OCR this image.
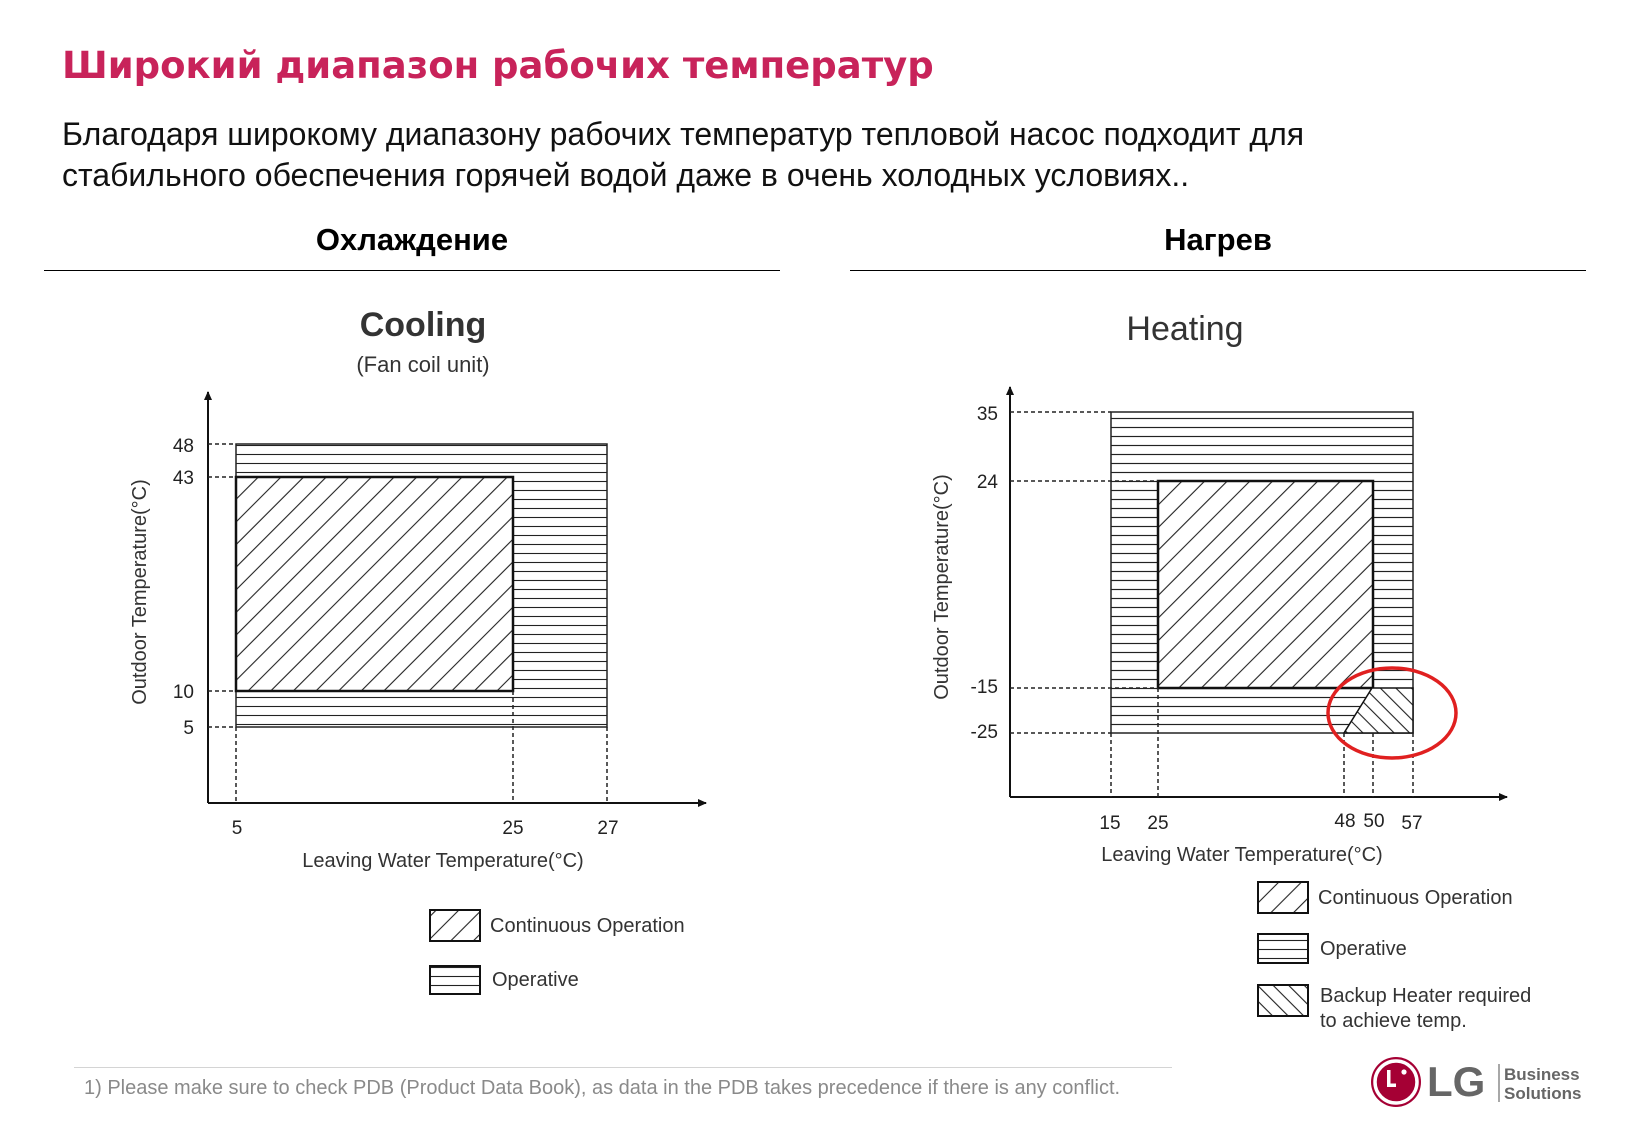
Широкий диапазон рабочих температур
Благодаря широкому диапазону рабочих температур тепловой насос подходит для
стабильного обеспечения горячей водой даже в очень холодных условиях..
Охлаждение	Нагрев
Cooling
(Fan coil unit)
48
43
10
5
5	25	27
Leaving Water Temperature(°C)
Outdoor Temperature(°C)
Continuous Operation
Operative
Heating
35
24
-15
-25
15 25	48 50 57
Leaving Water Temperature(°C)
Outdoor Temperature(°C)
Continuous Operation
Operative
Backup Heater required
to achieve temp.
1) Please make sure to check PDB (Product Data Book), as data in the PDB takes precedence if there is any conflict.	LG Business
Solutions
